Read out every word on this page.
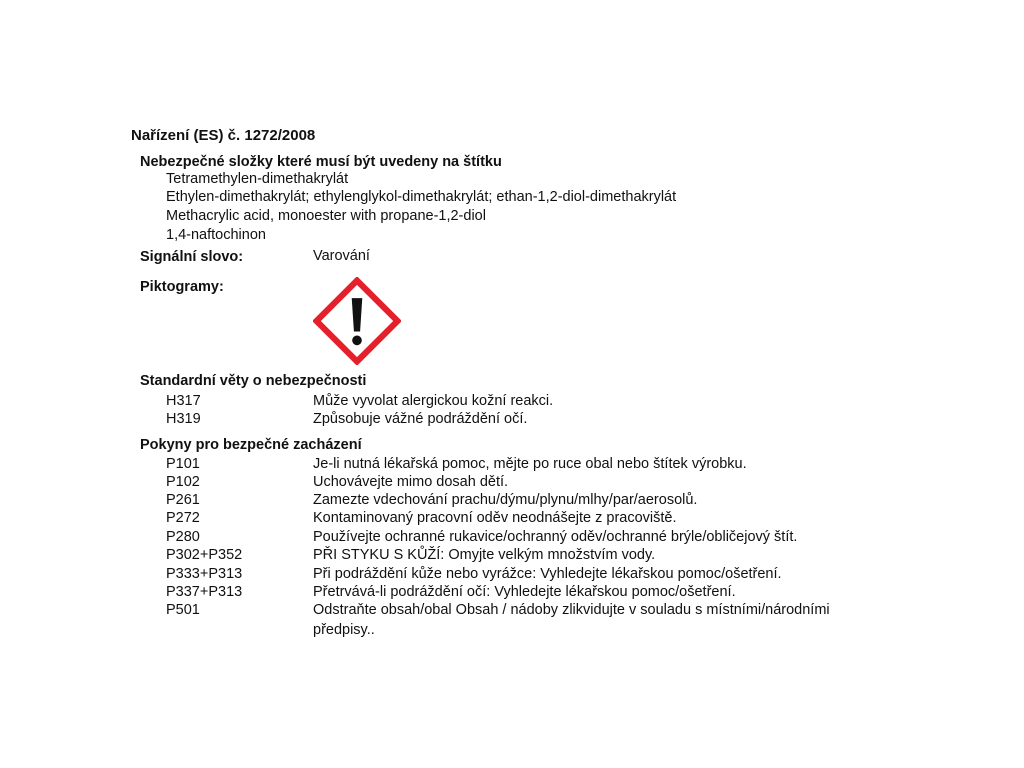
Nařízení (ES) č. 1272/2008
Nebezpečné složky které musí být uvedeny na štítku
Tetramethylen-dimethakrylát
Ethylen-dimethakrylát; ethylenglykol-dimethakrylát; ethan-1,2-diol-dimethakrylát
Methacrylic acid, monoester with propane-1,2-diol
1,4-naftochinon
Signální slovo:	Varování
Piktogramy:
Standardní věty o nebezpečnosti
H317	Může vyvolat alergickou kožní reakci.
H319	Způsobuje vážné podráždění očí.
Pokyny pro bezpečné zacházení
P101	Je-li nutná lékařská pomoc, mějte po ruce obal nebo štítek výrobku.
P102	Uchovávejte mimo dosah dětí.
P261	Zamezte vdechování prachu/dýmu/plynu/mlhy/par/aerosolů.
P272	Kontaminovaný pracovní oděv neodnášejte z pracoviště.
P280	Používejte ochranné rukavice/ochranný oděv/ochranné brýle/obličejový štít.
P302+P352	PŘI STYKU S KŮŽÍ: Omyjte velkým množstvím vody.
P333+P313	Při podráždění kůže nebo vyrážce: Vyhledejte lékařskou pomoc/ošetření.
P337+P313	Přetrvává-li podráždění očí: Vyhledejte lékařskou pomoc/ošetření.
P501	Odstraňte obsah/obal Obsah / nádoby zlikvidujte v souladu s místními/národními
předpisy..
